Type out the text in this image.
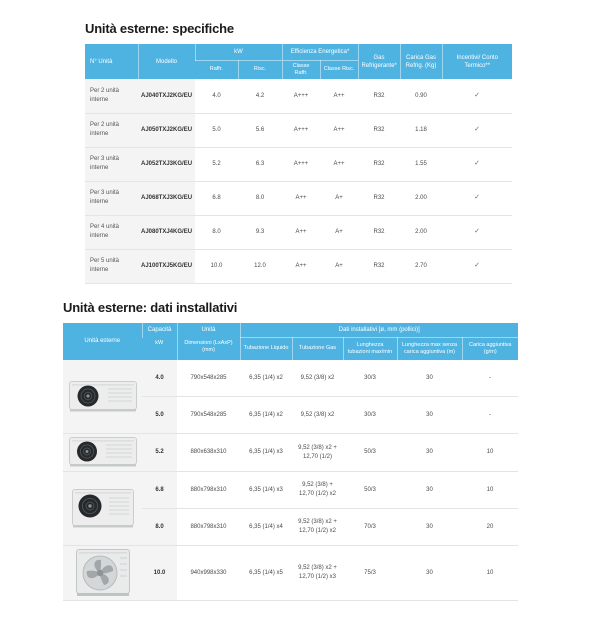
Unità esterne: specifiche
N° Unità	Modello	kW		Efficienza Energetica*		Gas Refrigerante*	Carica Gas Refrig. (Kg)	Incentivi/ Conto Termico**
		Raffr.	Risc.	Classe Raffr.	Classe Risc.			
Per 2 unità interne	AJ040TXJ2KG/EU	4.0	4.2	A+++	A++	R32	0.90	✓
Per 2 unità interne	AJ050TXJ2KG/EU	5.0	5.6	A+++	A++	R32	1.18	✓
Per 3 unità interne	AJ052TXJ3KG/EU	5.2	6.3	A+++	A++	R32	1.55	✓
Per 3 unità interne	AJ068TXJ3KG/EU	6.8	8.0	A++	A+	R32	2.00	✓
Per 4 unità interne	AJ080TXJ4KG/EU	8.0	9.3	A++	A+	R32	2.00	✓
Per 5 unità interne	AJ100TXJ5KG/EU	10.0	12.0	A++	A+	R32	2.70	✓
Unità esterne: dati installativi
Unità esterne	Capacità	Unità	Dati installativi [ø, mm (pollici)]				
	kW	Dimensioni (LxAxP) (mm)	Tubazione Liquido	Tubazione Gas	Lunghezza tubazioni max/min	Lunghezza max senza carica aggiuntiva (m)	Carica aggiuntiva (g/m)

	4.0	790x548x285	6,35 (1/4) x2	9,52 (3/8) x2	30/3	30	-
	5.0	790x548x285	6,35 (1/4) x2	9,52 (3/8) x2	30/3	30	-

	5.2	880x638x310	6,35 (1/4) x3	9,52 (3/8) x2 + 12,70 (1/2)	50/3	30	10

	6.8	880x798x310	6,35 (1/4) x3	9,52 (3/8) + 12,70 (1/2) x2	50/3	30	10
	8.0	880x798x310	6,35 (1/4) x4	9,52 (3/8) x2 + 12,70 (1/2) x2	70/3	30	20

	10.0	940x998x330	6,35 (1/4) x5	9,52 (3/8) x2 + 12,70 (1/2) x3	75/3	30	10
